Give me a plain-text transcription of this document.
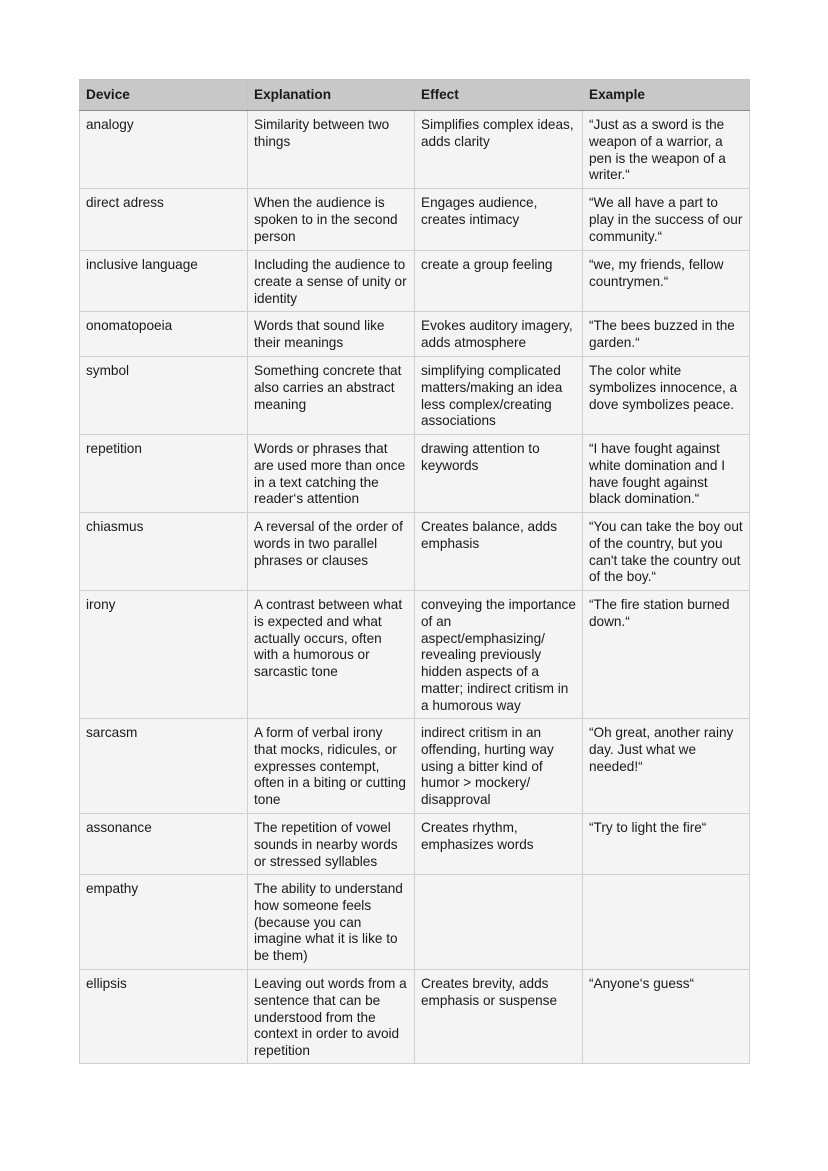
Device	Explanation	Effect	Example
analogy	Similarity between two things	Simplifies complex ideas, adds clarity	“Just as a sword is the weapon of a warrior, a pen is the weapon of a writer.“
direct adress	When the audience is spoken to in the second person	Engages audience, creates intimacy	“We all have a part to play in the success of our community.“
inclusive language	Including the audience to create a sense of unity or identity	create a group feeling	“we, my friends, fellow countrymen.“
onomatopoeia	Words that sound like their meanings	Evokes auditory imagery, adds atmosphere	“The bees buzzed in the garden.“
symbol	Something concrete that also carries an abstract meaning	simplifying complicated matters/making an idea less complex/creating associations	The color white symbolizes innocence, a dove symbolizes peace.
repetition	Words or phrases that are used more than once in a text catching the reader‘s attention	drawing attention to keywords	“I have fought against white domination and I have fought against black domination.“
chiasmus	A reversal of the order of words in two parallel phrases or clauses	Creates balance, adds emphasis	“You can take the boy out of the country, but you can't take the country out of the boy.“
irony	A contrast between what is expected and what actually occurs, often with a humorous or sarcastic tone	conveying the importance of an aspect/emphasizing/ revealing previously hidden aspects of a matter; indirect critism in a humorous way	“The fire station burned down.“
sarcasm	A form of verbal irony that mocks, ridicules, or expresses contempt, often in a biting or cutting tone	indirect critism in an offending, hurting way using a bitter kind of humor > mockery/ disapproval	“Oh great, another rainy day. Just what we needed!“
assonance	The repetition of vowel sounds in nearby words or stressed syllables	Creates rhythm, emphasizes words	“Try to light the fire“
empathy	The ability to understand how someone feels (because you can imagine what it is like to be them)		
ellipsis	Leaving out words from a sentence that can be understood from the context in order to avoid repetition	Creates brevity, adds emphasis or suspense	“Anyone‘s guess“
